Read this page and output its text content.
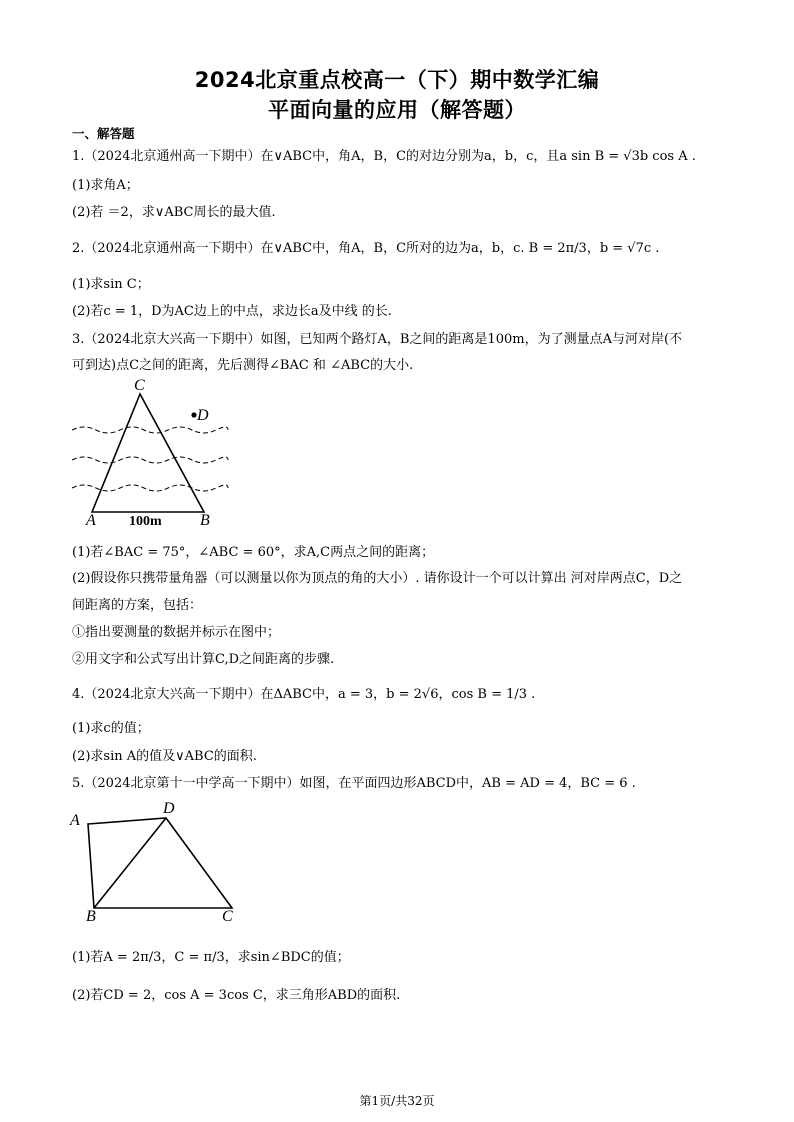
2024北京重点校高一（下）期中数学汇编
平面向量的应用（解答题）
一、解答题
1.（2024北京通州高一下期中）在∨ABC中，角A，B，C的对边分别为a，b，c，且a sin B = √3b cos A .
(1)求角A；
(2)若 ＝2，求∨ABC周长的最大值.
2.（2024北京通州高一下期中）在∨ABC中，角A，B，C所对的边为a，b，c. B = 2π/3，b = √7c .
(1)求sin C；
(2)若c = 1，D为AC边上的中点，求边长a及中线 的长.
3.（2024北京大兴高一下期中）如图，已知两个路灯A，B之间的距离是100m，为了测量点A与河对岸(不
可到达)点C之间的距离，先后测得∠BAC 和 ∠ABC的大小.
C
D
A 100m B
(1)若∠BAC = 75°，∠ABC = 60°，求A,C两点之间的距离；
(2)假设你只携带量角器（可以测量以你为顶点的角的大小）. 请你设计一个可以计算出 河对岸两点C，D之
间距离的方案，包括：
①指出要测量的数据并标示在图中；
②用文字和公式写出计算C,D之间距离的步骤.
4.（2024北京大兴高一下期中）在ΔABC中，a = 3，b = 2√6，cos B = 1/3 .
(1)求c的值；
(2)求sin A的值及∨ABC的面积.
5.（2024北京第十一中学高一下期中）如图，在平面四边形ABCD中，AB = AD = 4，BC = 6 .
A
D
B	C
(1)若A = 2π/3，C = π/3，求sin∠BDC的值；
(2)若CD = 2，cos A = 3cos C，求三角形ABD的面积.
第1页/共32页
